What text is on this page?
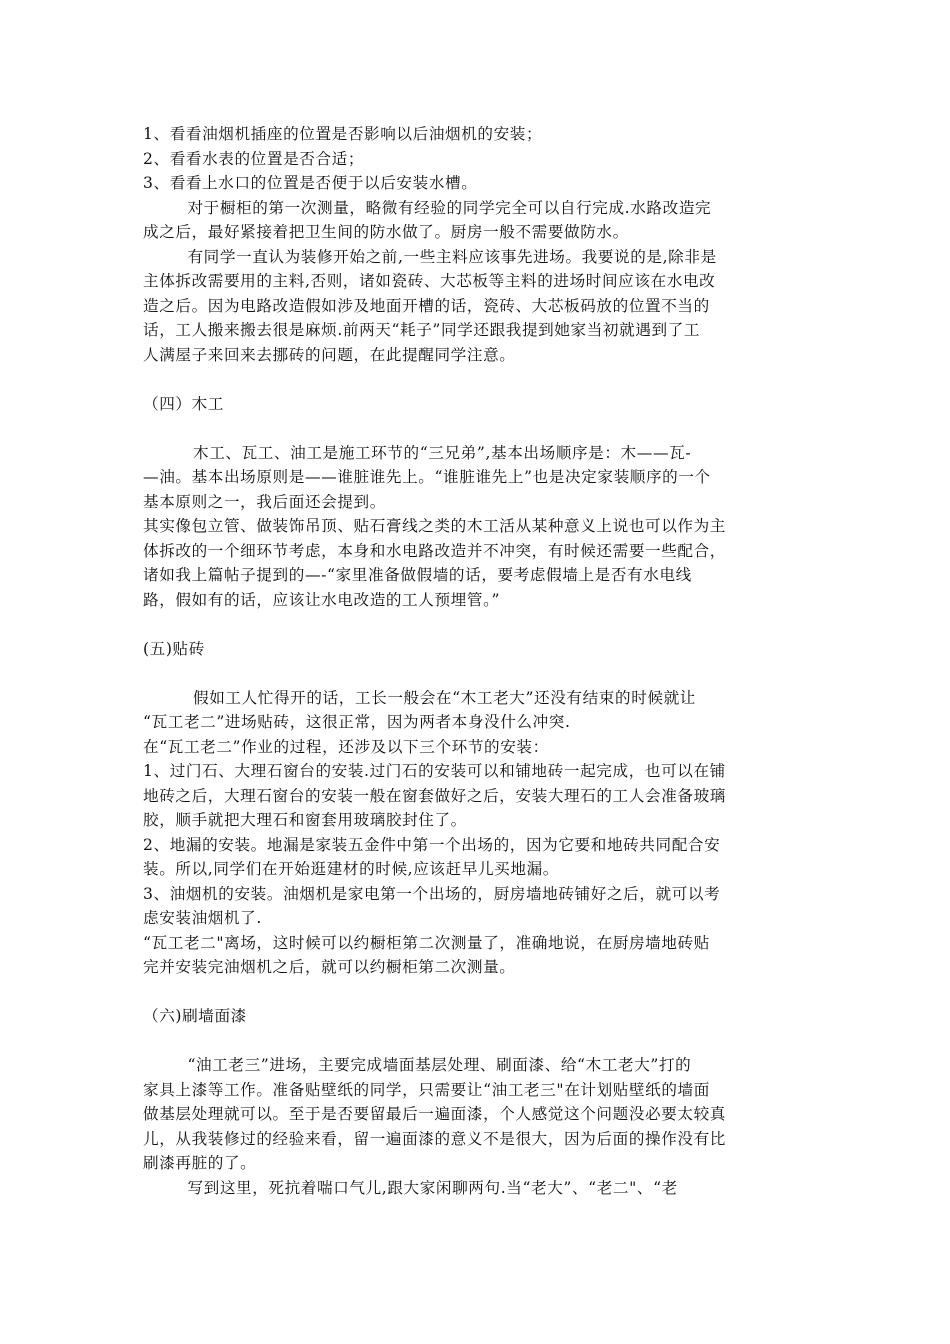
1、看看油烟机插座的位置是否影响以后油烟机的安装；
2、看看水表的位置是否合适；
3、看看上水口的位置是否便于以后安装水槽。
对于橱柜的第一次测量，略微有经验的同学完全可以自行完成.水路改造完
成之后，最好紧接着把卫生间的防水做了。厨房一般不需要做防水。
有同学一直认为装修开始之前,一些主料应该事先进场。我要说的是,除非是
主体拆改需要用的主料,否则，诸如瓷砖、大芯板等主料的进场时间应该在水电改
造之后。因为电路改造假如涉及地面开槽的话，瓷砖、大芯板码放的位置不当的
话，工人搬来搬去很是麻烦.前两天“耗子”同学还跟我提到她家当初就遇到了工
人满屋子来回来去挪砖的问题，在此提醒同学注意。
（四）木工
木工、瓦工、油工是施工环节的“三兄弟”,基本出场顺序是：木——瓦-
—油。基本出场原则是——谁脏谁先上。“谁脏谁先上”也是决定家装顺序的一个
基本原则之一，我后面还会提到。
其实像包立管、做装饰吊顶、贴石膏线之类的木工活从某种意义上说也可以作为主
体拆改的一个细环节考虑，本身和水电路改造并不冲突，有时候还需要一些配合，
诸如我上篇帖子提到的—-“家里准备做假墙的话，要考虑假墙上是否有水电线
路，假如有的话，应该让水电改造的工人预埋管。”
(五)贴砖
假如工人忙得开的话，工长一般会在“木工老大”还没有结束的时候就让
“瓦工老二”进场贴砖，这很正常，因为两者本身没什么冲突.
在“瓦工老二”作业的过程，还涉及以下三个环节的安装：
1、过门石、大理石窗台的安装.过门石的安装可以和铺地砖一起完成，也可以在铺
地砖之后，大理石窗台的安装一般在窗套做好之后，安装大理石的工人会准备玻璃
胶，顺手就把大理石和窗套用玻璃胶封住了。
2、地漏的安装。地漏是家装五金件中第一个出场的，因为它要和地砖共同配合安
装。所以,同学们在开始逛建材的时候,应该赶早儿买地漏。
3、油烟机的安装。油烟机是家电第一个出场的，厨房墙地砖铺好之后，就可以考
虑安装油烟机了.
“瓦工老二"离场，这时候可以约橱柜第二次测量了，准确地说，在厨房墙地砖贴
完并安装完油烟机之后，就可以约橱柜第二次测量。
（六)刷墙面漆
“油工老三”进场，主要完成墙面基层处理、刷面漆、给“木工老大”打的
家具上漆等工作。准备贴壁纸的同学，只需要让“油工老三"在计划贴壁纸的墙面
做基层处理就可以。至于是否要留最后一遍面漆，个人感觉这个问题没必要太较真
儿，从我装修过的经验来看，留一遍面漆的意义不是很大，因为后面的操作没有比
刷漆再脏的了。
写到这里，死抗着喘口气儿,跟大家闲聊两句.当“老大”、“老二"、“老
